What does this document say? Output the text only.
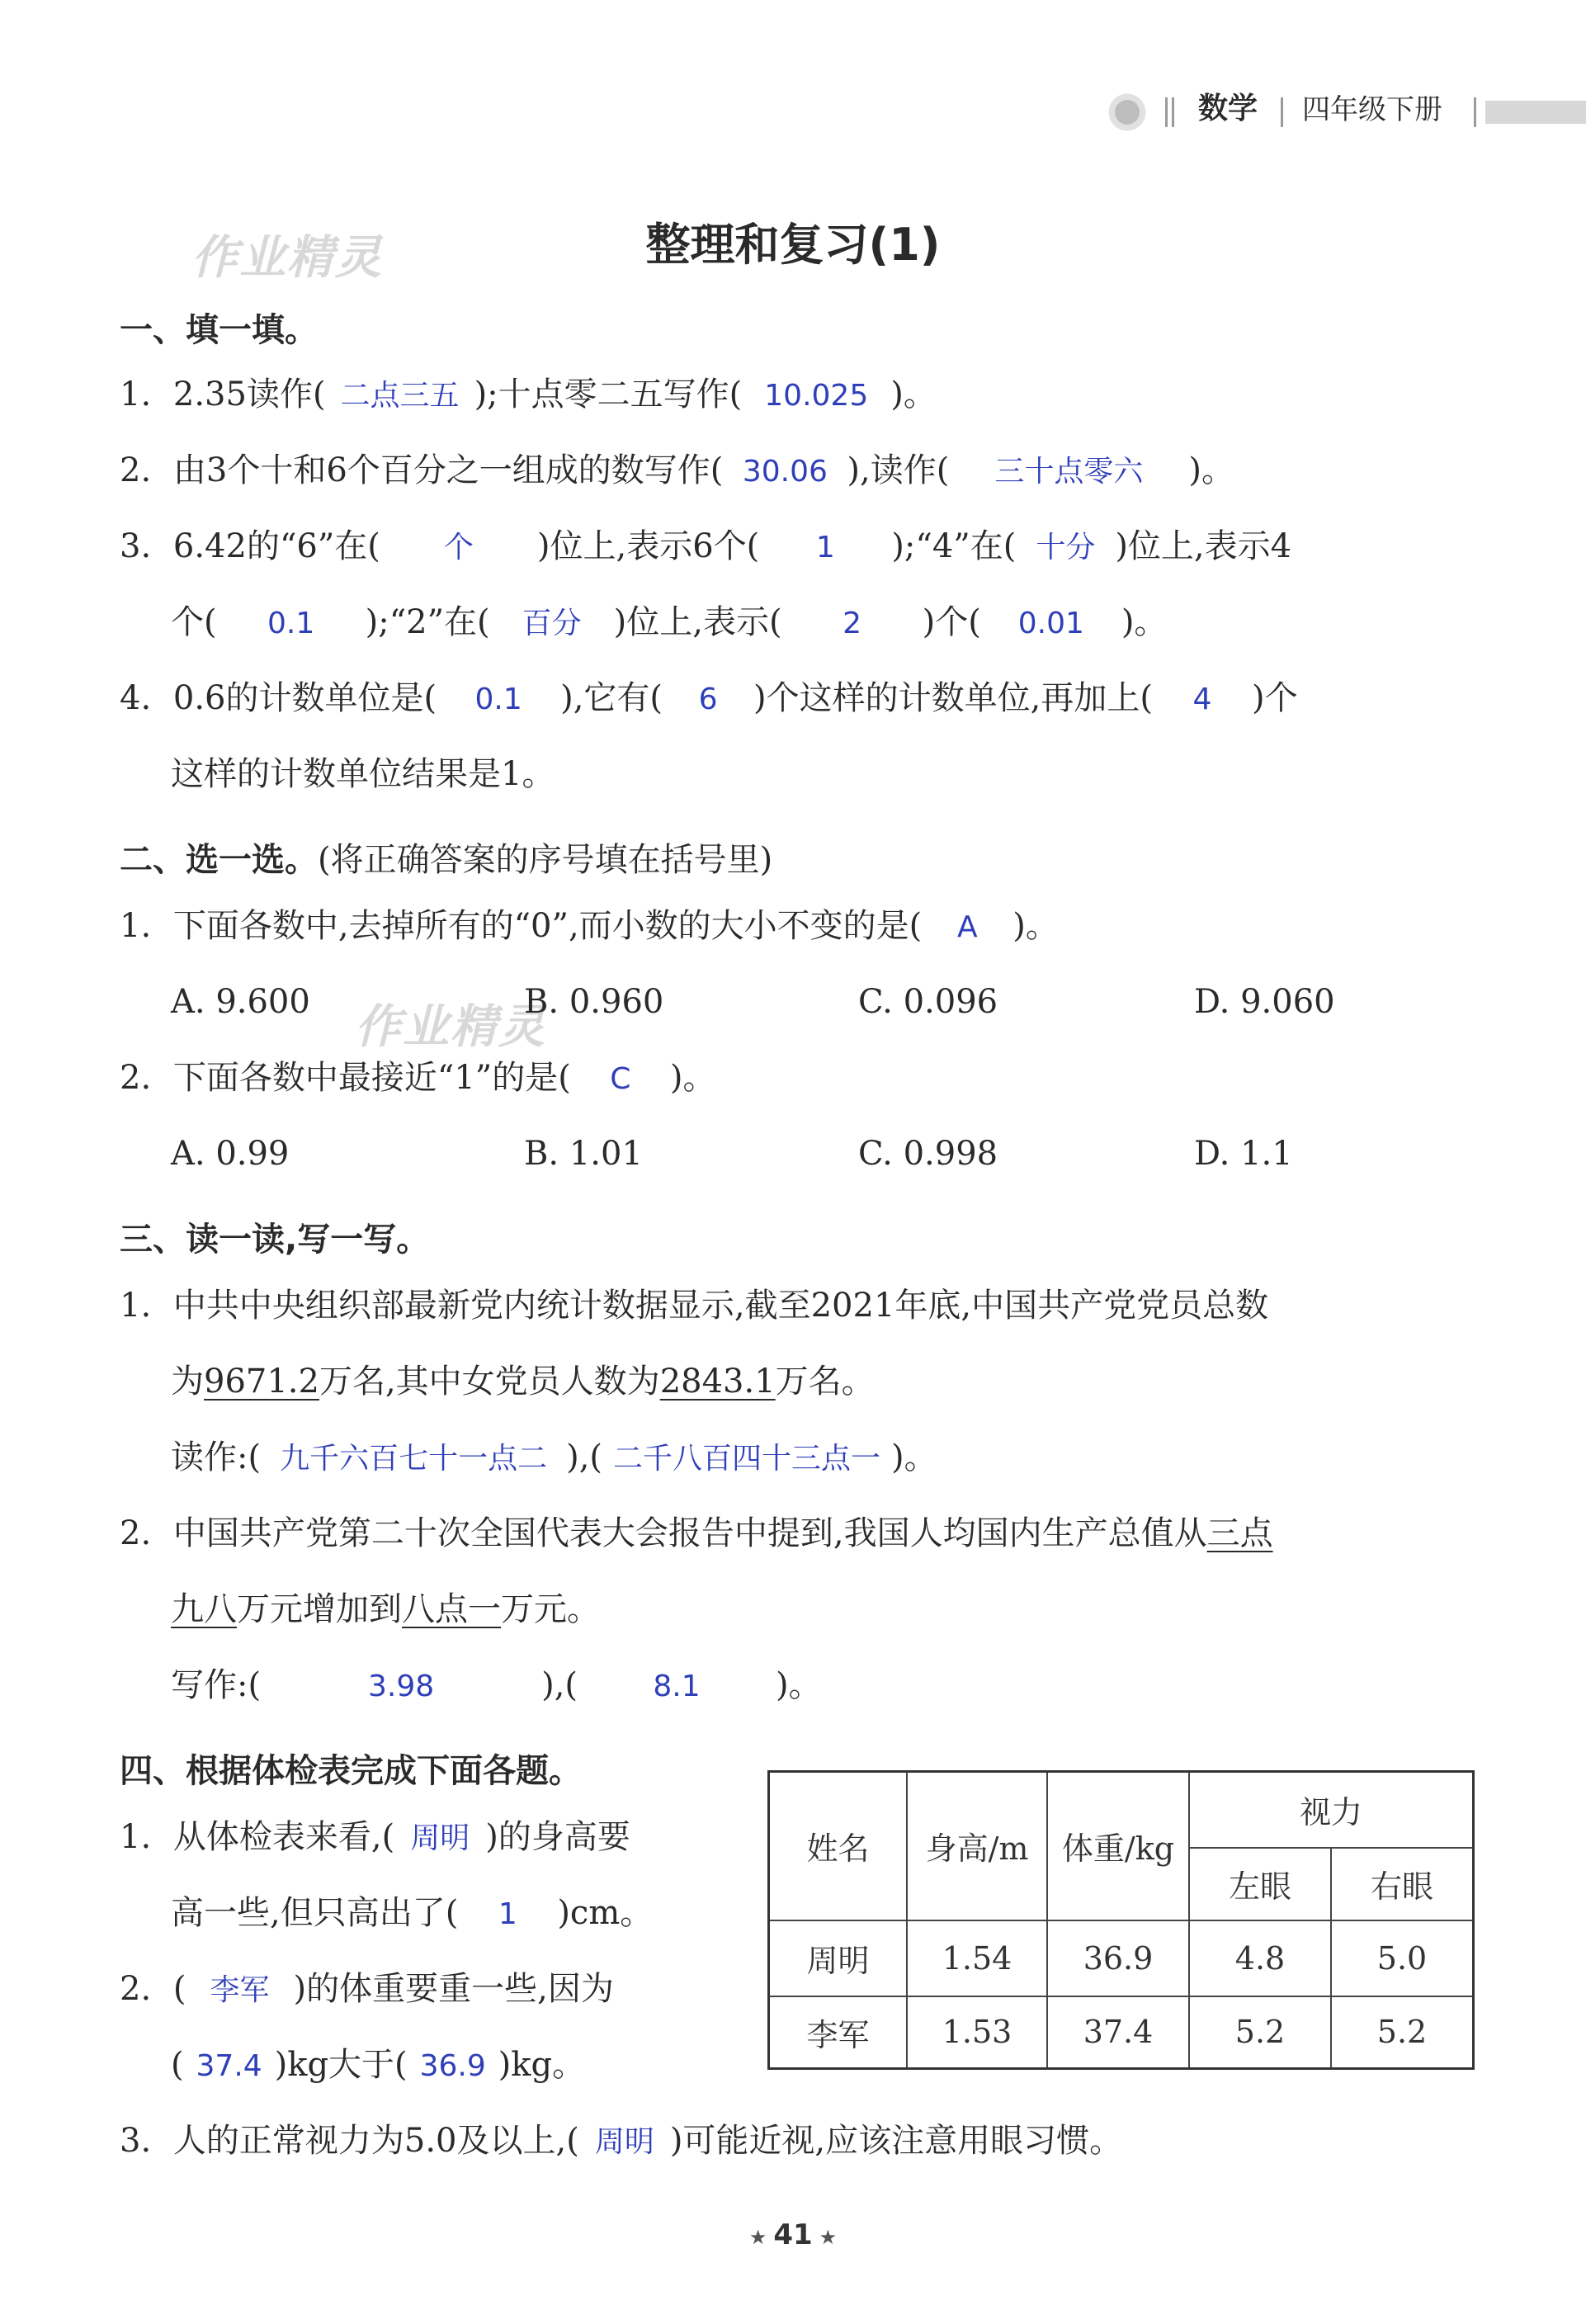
数学 四年级下册
作业精灵
作业精灵
整理和复习(1)
一、填一填。
1. 2.35读作( 二点三五 );十点零二五写作( 10.025 )。
2. 由3个十和6个百分之一组成的数写作( 30.06 ),读作( 三十点零六 )。
3. 6.42的“6”在( 个 )位上,表示6个( 1 );“4”在( 十分 )位上,表示4
个( 0.1 );“2”在( 百分 )位上,表示( 2 )个( 0.01 )。
4. 0.6的计数单位是( 0.1 ),它有( 6 )个这样的计数单位,再加上( 4 )个
这样的计数单位结果是1。
二、选一选。(将正确答案的序号填在括号里)
1. 下面各数中,去掉所有的“0”,而小数的大小不变的是( A )。
A. 9.600	B. 0.960	C. 0.096	D. 9.060
2. 下面各数中最接近“1”的是( C )。
A. 0.99	B. 1.01	C. 0.998	D. 1.1
三、读一读,写一写。
1. 中共中央组织部最新党内统计数据显示,截至2021年底,中国共产党党员总数
为9671.2万名,其中女党员人数为2843.1万名。
读作:( 九千六百七十一点二 ),( 二千八百四十三点一 )。
2. 中国共产党第二十次全国代表大会报告中提到,我国人均国内生产总值从三点
九八万元增加到八点一万元。
写作:(	3.98	),(	8.1 )。
四、根据体检表完成下面各题。
1. 从体检表来看,( 周明 )的身高要
高一些,但只高出了( 1 )cm。
2. ( 李军 )的体重要重一些,因为
( 37.4 )kg大于( 36.9 )kg。
3. 人的正常视力为5.0及以上,( 周明 )可能近视,应该注意用眼习惯。
姓名	身高/m	体重/kg	视力	
			左眼	右眼
周明	1.54	36.9	4.8	5.0
李军	1.53	37.4	5.2	5.2
★ 41 ★
